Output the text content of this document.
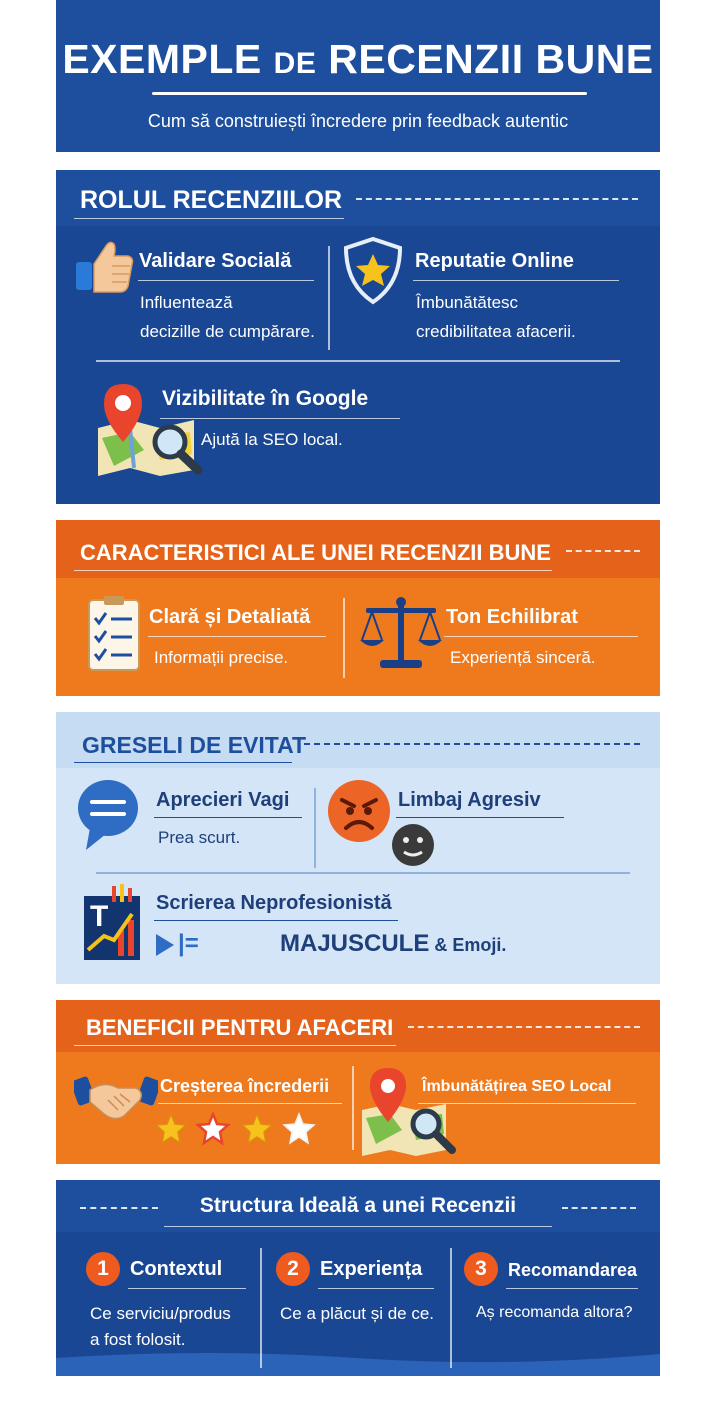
EXEMPLE DE RECENZII BUNE
Cum să construiești încredere prin feedback autentic
ROLUL RECENZIILOR
Validare Socială
Influentează
decizille de cumpărare.
Reputatie Online
Îmbunătătesc
credibilitatea afacerii.
Vizibilitate în Google
Ajută la SEO local.
CARACTERISTICI ALE UNEI RECENZII BUNE
Clară și Detaliată
Informații precise.
Ton Echilibrat
Experiență sinceră.
GRESELI DE EVITAT
Aprecieri Vagi
Prea scurt.
Limbaj Agresiv
T
|=
Scrierea Neprofesionistă
MAJUSCULE & Emoji.
BENEFICII PENTRU AFACERI
Creșterea încrederii	Îmbunătățirea SEO Local
Structura Ideală a unei Recenzii
1	Contextul
Ce serviciu/produs
a fost folosit.
2	Experiența
Ce a plăcut și de ce.
3	Recomandarea
Aș recomanda altora?
